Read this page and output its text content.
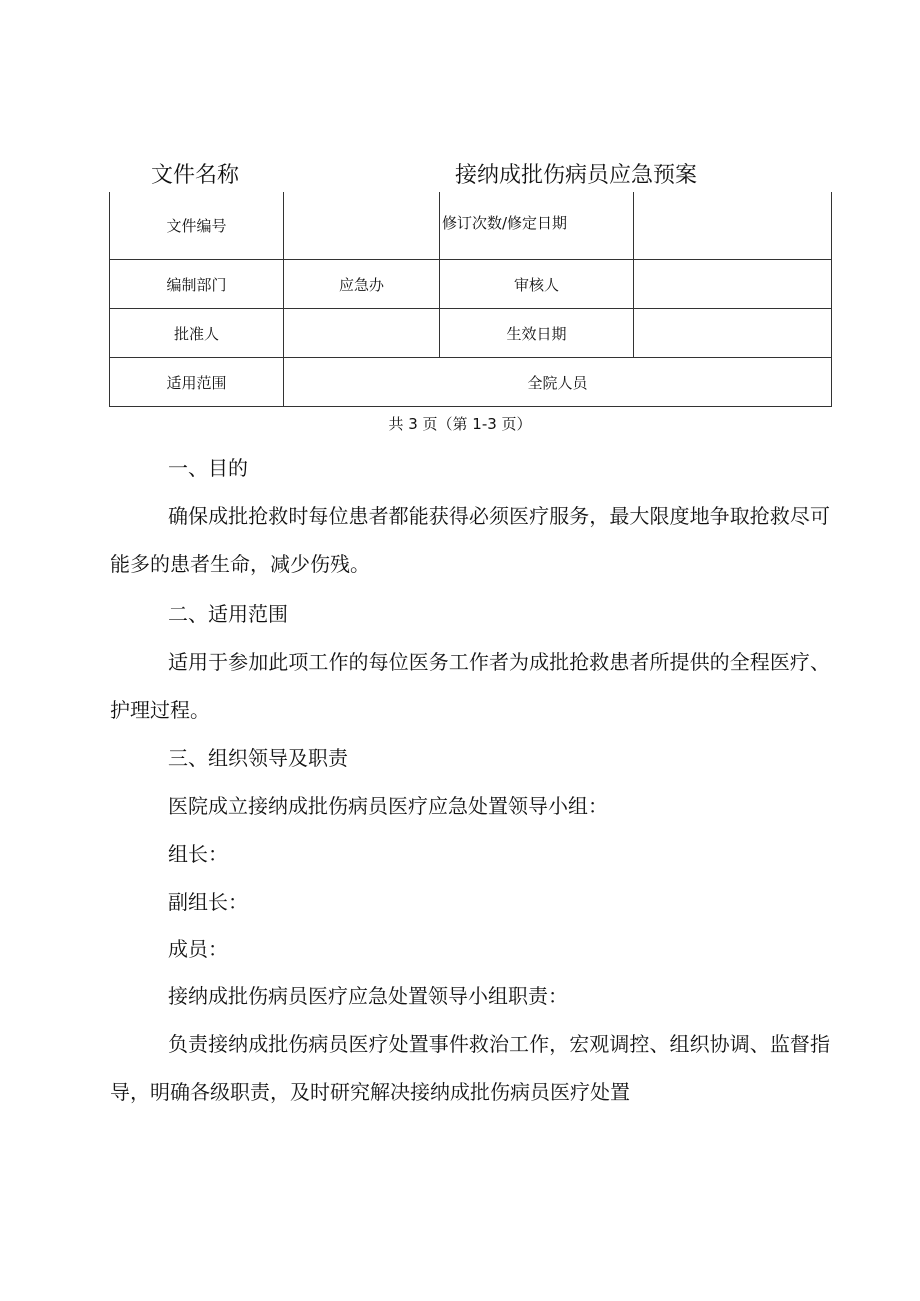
文件名称	接纳成批伤病员应急预案
文件编号		修订次数/修定日期	
编制部门	应急办	审核人	
批准人		生效日期	
适用范围	全院人员		
共 3 页（第 1-3 页）

一、目的

确保成批抢救时每位患者都能获得必须医疗服务，最大限度地争取抢救尽可能多的患者生命，减少伤残。

二、适用范围

适用于参加此项工作的每位医务工作者为成批抢救患者所提供的全程医疗、护理过程。

三、组织领导及职责

医院成立接纳成批伤病员医疗应急处置领导小组：

组长：

副组长：

成员：

接纳成批伤病员医疗应急处置领导小组职责：

负责接纳成批伤病员医疗处置事件救治工作，宏观调控、组织协调、监督指导，明确各级职责，及时研究解决接纳成批伤病员医疗处置
